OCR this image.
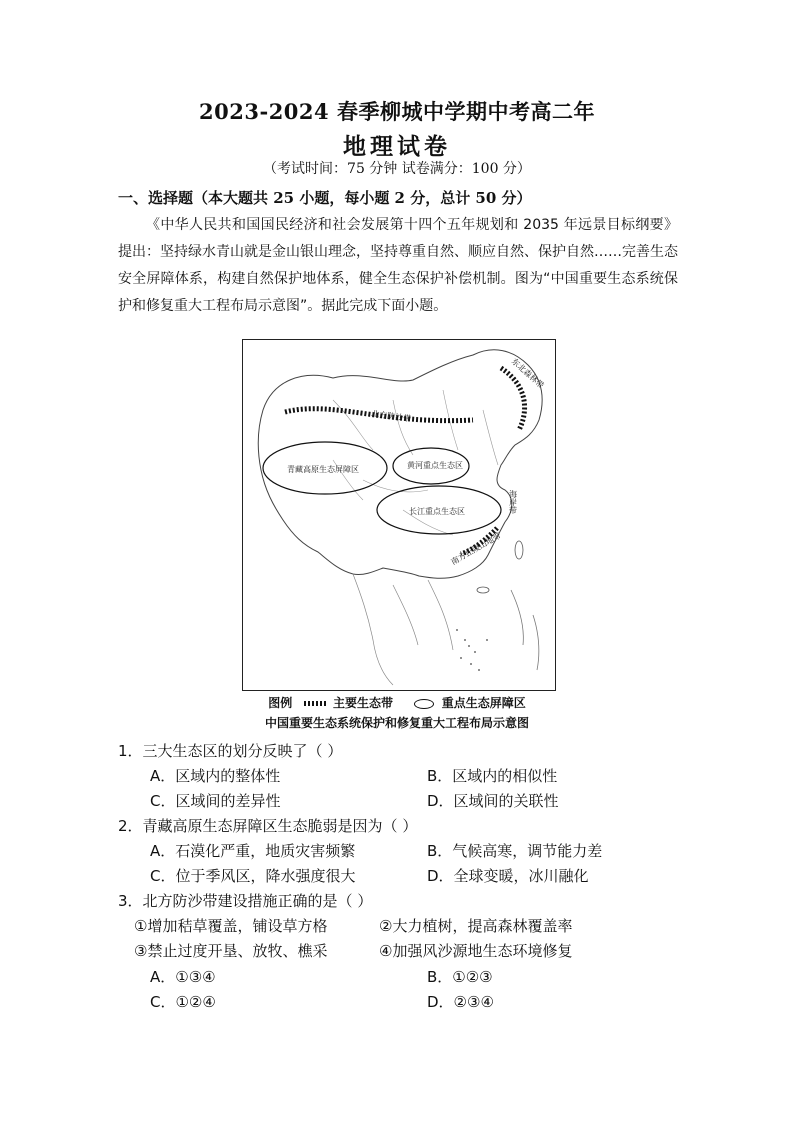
2023-2024 春季柳城中学期中考高二年
地理试卷
（考试时间：75 分钟 试卷满分：100 分）
一、选择题（本大题共 25 小题，每小题 2 分，总计 50 分）
《中华人民共和国国民经济和社会发展第十四个五年规划和 2035 年远景目标纲要》提出：坚持绿水青山就是金山银山理念，坚持尊重自然、顺应自然、保护自然……完善生态安全屏障体系，构建自然保护地体系，健全生态保护补偿机制。图为“中国重要生态系统保护和修复重大工程布局示意图”。据此完成下面小题。
青藏高原生态屏障区	黄河重点生态区
长江重点生态区
北方防沙带
东北森林带
南方丘陵山地带
海岸带
图例	主要生态带	重点生态屏障区
中国重要生态系统保护和修复重大工程布局示意图
1．三大生态区的划分反映了（ ）
A．区域内的整体性	B．区域内的相似性
C．区域间的差异性	D．区域间的关联性
2．青藏高原生态屏障区生态脆弱是因为（ ）
A．石漠化严重，地质灾害频繁	B．气候高寒，调节能力差
C．位于季风区，降水强度很大	D．全球变暖，冰川融化
3．北方防沙带建设措施正确的是（ ）
①增加秸草覆盖，铺设草方格	②大力植树，提高森林覆盖率
③禁止过度开垦、放牧、樵采	④加强风沙源地生态环境修复
A．①③④	B．①②③
C．①②④	D．②③④
